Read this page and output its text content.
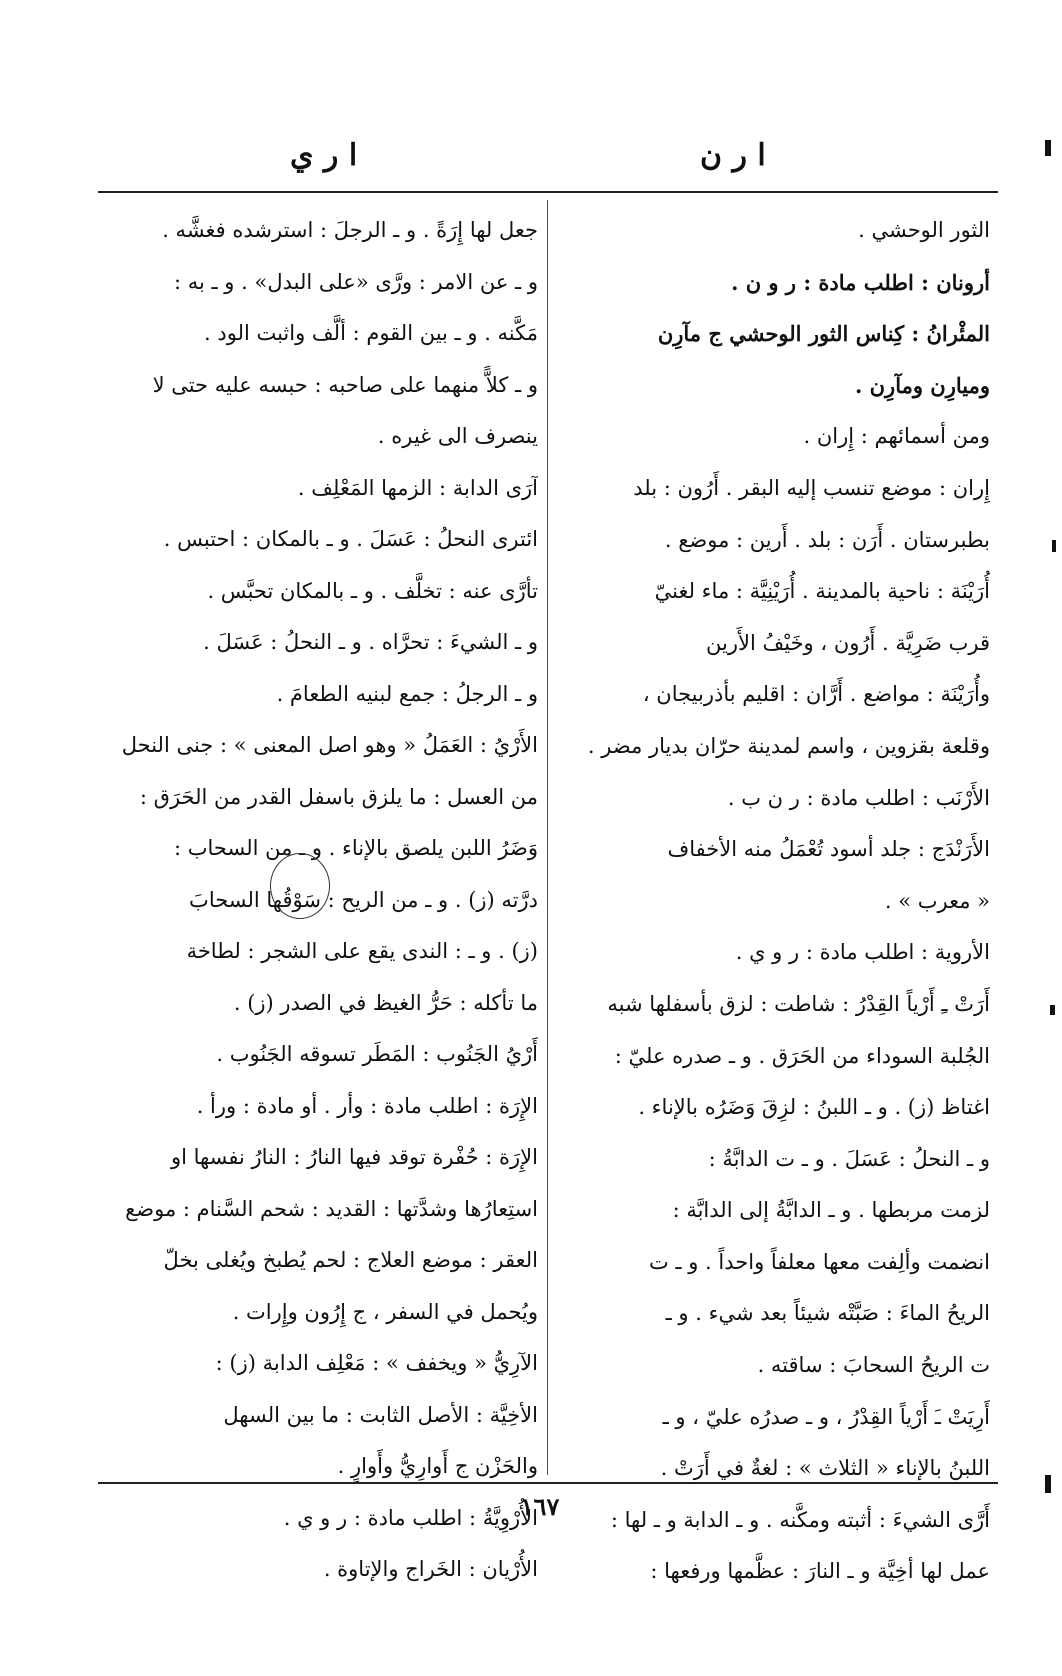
ا ر ن
ا ر ي
الثور الوحشي .
أرونان : اطلب مادة : ر و ن .
المئْرانُ : كِناس الثور الوحشي ج مآرِن
وميارِن ومآرِن .
ومن أسمائهم : إِران .
إِران : موضع تنسب إليه البقر . أَرُون : بلد
بطبرستان . أَرَن : بلد . أَرين : موضع .
أُرَيْنَة : ناحية بالمدينة . أُرَيْنِيَّة : ماء لغنيّ
قرب ضَرِيَّة . أَرُون ، وخَيْفُ الأَرين
وأُرَيْنَة : مواضع . أَرَّان : اقليم بأذربيجان ،
وقلعة بقزوين ، واسم لمدينة حرّان بديار مضر .
الأَرْنَب : اطلب مادة : ر ن ب .
الأَرَنْدَج : جلد أسود تُعْمَلُ منه الأخفاف
« معرب » .
الأروية : اطلب مادة : ر و ي .
أَرَتْ ـِ أَرْياً القِدْرُ : شاطت : لزق بأسفلها شبه
الجُلبة السوداء من الحَرَق . و ـ صدره عليّ :
اغتاظ (ز) . و ـ اللبنُ : لزِقَ وَضَرُه بالإناء .
و ـ النحلُ : عَسَلَ . و ـ ت الدابَّةُ :
لزمت مربطها . و ـ الدابَّةُ إلى الدابَّة :
انضمت وألِفت معها معلفاً واحداً . و ـ ت
الريحُ الماءَ : صَبَّتْه شيئاً بعد شيء . و ـ
ت الريحُ السحابَ : ساقته .
أَرِيَتْ ـَ أَرْياً القِدْرُ ، و ـ صدرُه عليّ ، و ـ
اللبنُ بالإناء « الثلاث » : لغةٌ في أَرَتْ .
أَرَّى الشيءَ : أثبته ومكَّنه . و ـ الدابة و ـ لها :
عمل لها أخِيَّة و ـ النارَ : عظَّمها ورفعها :
جعل لها إِرَةً . و ـ الرجلَ : استرشده فغشَّه .
و ـ عن الامر : ورَّى «على البدل» . و ـ به :
مَكَّنه . و ـ بين القوم : ألَّف واثبت الود .
و ـ كلاًّ منهما على صاحبه : حبسه عليه حتى لا
ينصرف الى غيره .
آرَى الدابة : الزمها المَعْلِف .
ائترى النحلُ : عَسَلَ . و ـ بالمكان : احتبس .
تأرَّى عنه : تخلَّف . و ـ بالمكان تحبَّس .
و ـ الشيءَ : تحرَّاه . و ـ النحلُ : عَسَلَ .
و ـ الرجلُ : جمع لبنيه الطعامَ .
الأَرْيُ : العَمَلُ « وهو اصل المعنى » : جنى النحل
من العسل : ما يلزق باسفل القدر من الحَرَق :
وَضَرُ اللبن يلصق بالإناء . و ـ من السحاب :
درَّته (ز) . و ـ من الريح : سَوْقُها السحابَ
(ز) . و ـ : الندى يقع على الشجر : لطاخة
ما تأكله : حَرُّ الغيظ في الصدر (ز) .
أَرْيُ الجَنُوب : المَطَر تسوقه الجَنُوب .
الإِرَة : اطلب مادة : وأر . أو مادة : ورأ .
الإِرَة : حُفْرة توقد فيها النارُ : النارُ نفسها او
استِعارُها وشدَّتها : القديد : شحم السَّنام : موضع
العقر : موضع العلاج : لحم يُطبخ ويُغلى بخلّ
ويُحمل في السفر ، ج إِرُون وإِرات .
الآرِيُّ « ويخفف » : مَعْلِف الدابة (ز) :
الأخِيَّة : الأصل الثابت : ما بين السهل
والحَزْن ج أَوارِيُّ وأَوارٍ .
الأُرْوِيَّةُ : اطلب مادة : ر و ي .
الأُرْيان : الخَراج والإتاوة .
١٦٧
